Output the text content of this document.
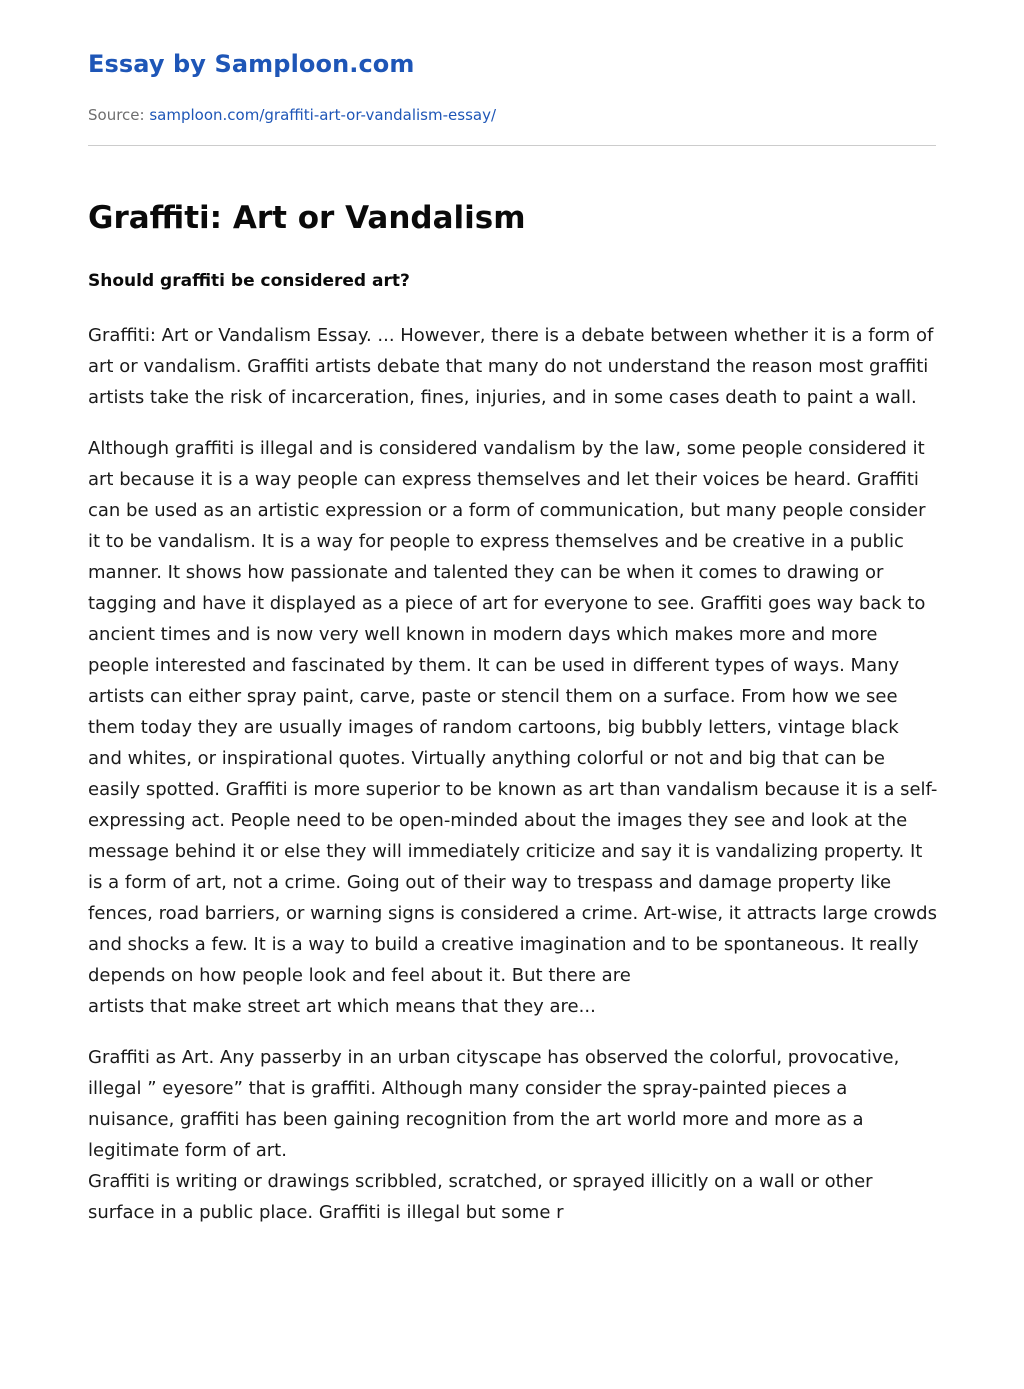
Essay by Samploon.com

Source: samploon.com/graffiti-art-or-vandalism-essay/

Graffiti: Art or Vandalism
Should graffiti be considered art?

Graffiti: Art or Vandalism Essay. ... However, there is a debate between whether it is a form of art or vandalism. Graffiti artists debate that many do not understand the reason most graffiti artists take the risk of incarceration, fines, injuries, and in some cases death to paint a wall.

Although graffiti is illegal and is considered vandalism by the law, some people considered it art because it is a way people can express themselves and let their voices be heard. Graffiti can be used as an artistic expression or a form of communication, but many people consider it to be vandalism. It is a way for people to express themselves and be creative in a public manner. It shows how passionate and talented they can be when it comes to drawing or tagging and have it displayed as a piece of art for everyone to see. Graffiti goes way back to ancient times and is now very well known in modern days which makes more and more people interested and fascinated by them. It can be used in different types of ways. Many artists can either spray paint, carve, paste or stencil them on a surface. From how we see them today they are usually images of random cartoons, big bubbly letters, vintage black and whites, or inspirational quotes. Virtually anything colorful or not and big that can be easily spotted. Graffiti is more superior to be known as art than vandalism because it is a self-expressing act. People need to be open-minded about the images they see and look at the message behind it or else they will immediately criticize and say it is vandalizing property. It is a form of art, not a crime. Going out of their way to trespass and damage property like fences, road barriers, or warning signs is considered a crime. Art-wise, it attracts large crowds and shocks a few. It is a way to build a creative imagination and to be spontaneous. It really depends on how people look and feel about it. But there are

artists that make street art which means that they are...

Graffiti as Art. Any passerby in an urban cityscape has observed the colorful, provocative, illegal ” eyesore” that is graffiti. Although many consider the spray-painted pieces a nuisance, graffiti has been gaining recognition from the art world more and more as a legitimate form of art.

Graffiti is writing or drawings scribbled, scratched, or sprayed illicitly on a wall or other surface in a public place. Graffiti is illegal but some r
